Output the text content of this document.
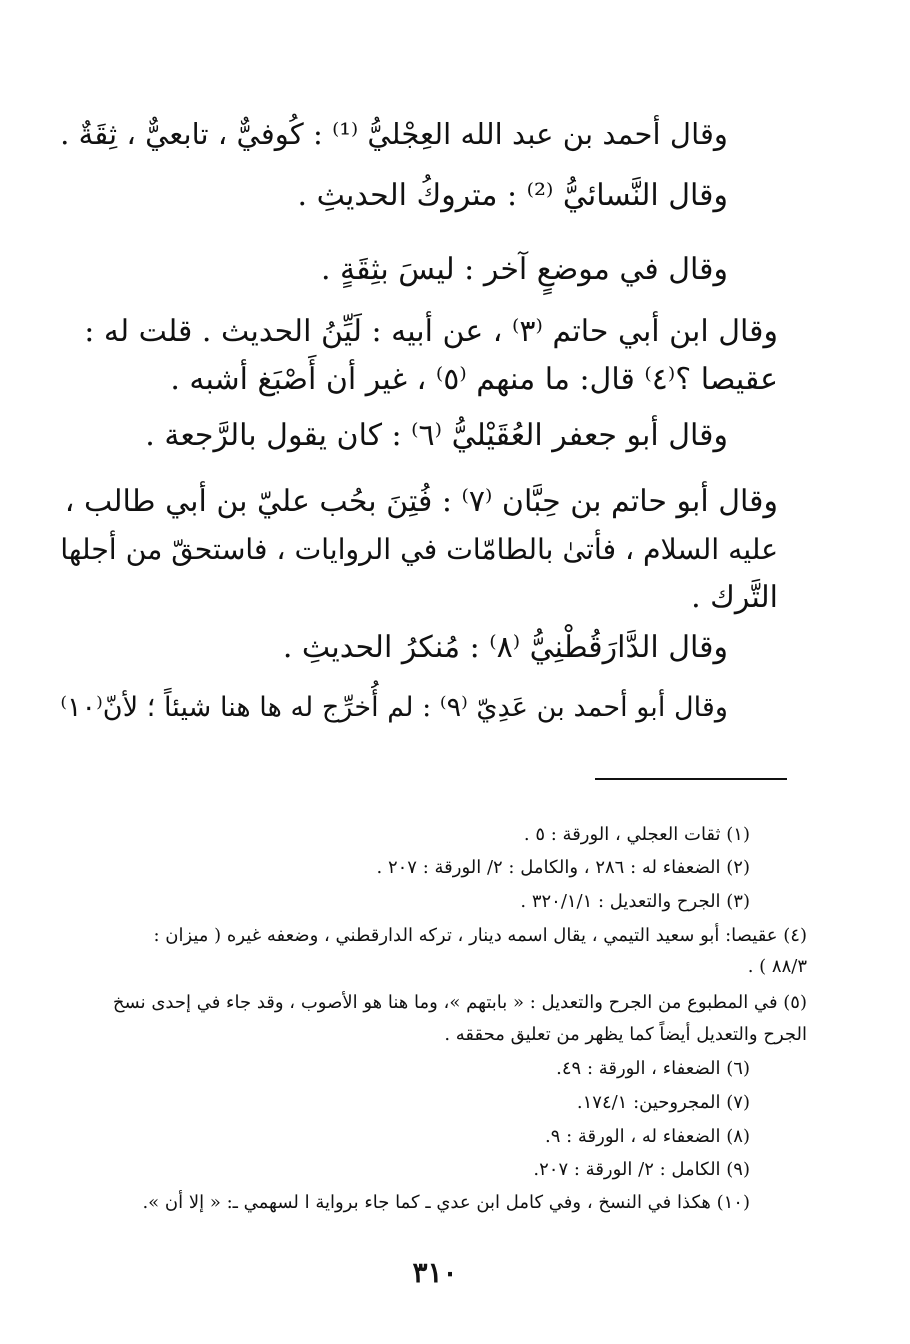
وقال أحمد بن عبد الله العِجْليُّ ⁽¹⁾ : كُوفيٌّ ، تابعيٌّ ، ثِقَةٌ .
وقال النَّسائيُّ ⁽²⁾ : متروكُ الحديثِ .
وقال في موضعٍ آخر : ليسَ بثِقَةٍ .
وقال ابن أبي حاتم ⁽٣⁾ ، عن أبيه : لَيِّنُ الحديث . قلت له :
عقيصا ؟⁽٤⁾ قال: ما منهم ⁽٥⁾ ، غير أن أَصْبَغ أشبه .
وقال أبو جعفر العُقَيْليُّ ⁽٦⁾ : كان يقول بالرَّجعة .
وقال أبو حاتم بن حِبَّان ⁽٧⁾ : فُتِنَ بحُب عليّ بن أبي طالب ،
عليه السلام ، فأتىٰ بالطامّات في الروايات ، فاستحقّ من أجلها
التَّرك .
وقال الدَّارَقُطْنِيُّ ⁽٨⁾ : مُنكرُ الحديثِ .
وقال أبو أحمد بن عَدِيّ ⁽٩⁾ : لم أُخرِّج له ها هنا شيئاً ؛ لأنّ⁽١٠⁾
(١) ثقات العجلي ، الورقة : ٥ .
(٢) الضعفاء له : ٢٨٦ ، والكامل : ٢/ الورقة : ٢٠٧ .
(٣) الجرح والتعديل : ٣٢٠/١/١ .
(٤) عقيصا: أبو سعيد التيمي ، يقال اسمه دينار ، تركه الدارقطني ، وضعفه غيره ( ميزان :
٨٨/٣ ) .
(٥) في المطبوع من الجرح والتعديل : « بابتهم »، وما هنا هو الأصوب ، وقد جاء في إحدى نسخ
الجرح والتعديل أيضاً كما يظهر من تعليق محققه .
(٦) الضعفاء ، الورقة : ٤٩.
(٧) المجروحين: ١٧٤/١.
(٨) الضعفاء له ، الورقة : ٩.
(٩) الكامل : ٢/ الورقة : ٢٠٧.
(١٠) هكذا في النسخ ، وفي كامل ابن عدي ـ كما جاء برواية ا لسهمي ـ: « إلا أن ».
٣١٠
